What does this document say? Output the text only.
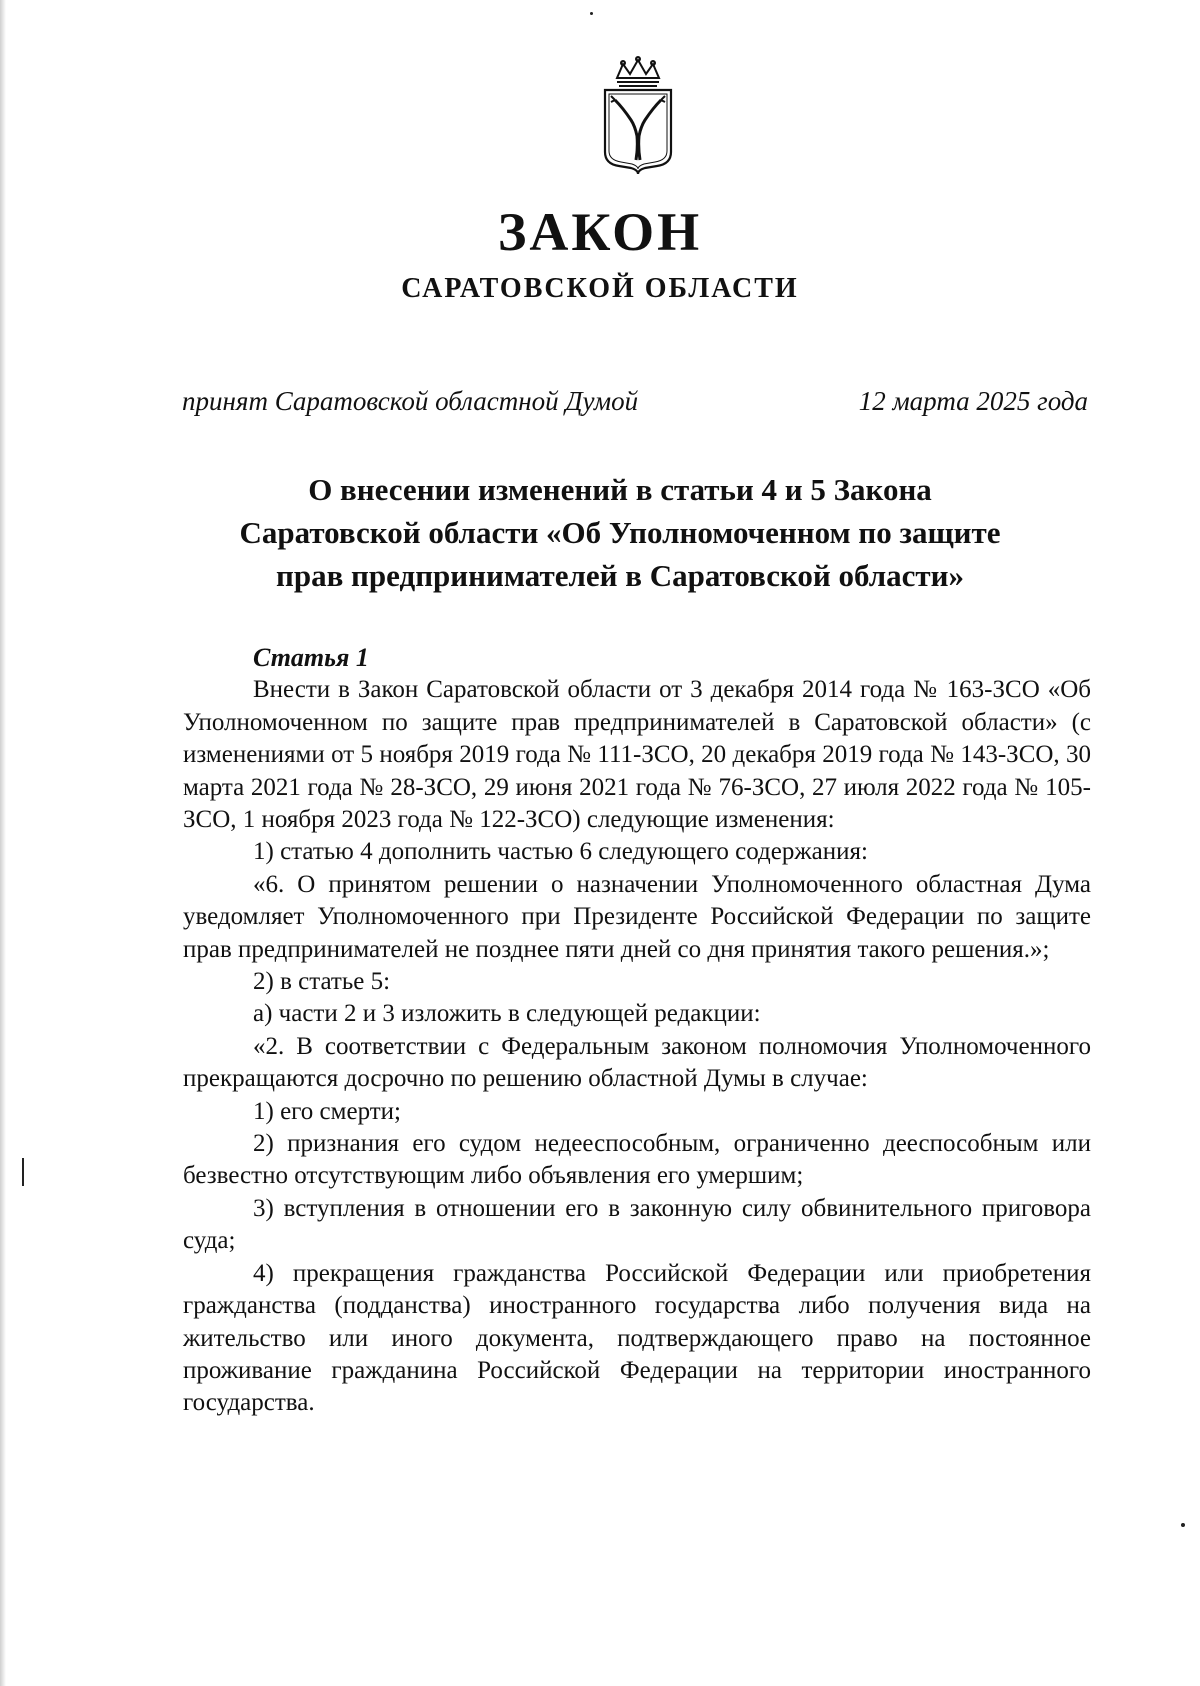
ЗАКОН
САРАТОВСКОЙ ОБЛАСТИ
принят Саратовской областной Думой	12 марта 2025 года
О внесении изменений в статьи 4 и 5 Закона
Саратовской области «Об Уполномоченном по защите
прав предпринимателей в Саратовской области»
Статья 1

Внести в Закон Саратовской области от 3 декабря 2014 года № 163-ЗСО «Об Уполномоченном по защите прав предпринимателей в Саратовской области» (с изменениями от 5 ноября 2019 года № 111-ЗСО, 20 декабря 2019 года № 143-ЗСО, 30 марта 2021 года № 28-ЗСО, 29 июня 2021 года № 76-ЗСО, 27 июля 2022 года № 105-ЗСО, 1 ноября 2023 года № 122-ЗСО) следующие изменения:

1) статью 4 дополнить частью 6 следующего содержания:

«6. О принятом решении о назначении Уполномоченного областная Дума уведомляет Уполномоченного при Президенте Российской Федерации по защите прав предпринимателей не позднее пяти дней со дня принятия такого решения.»;

2) в статье 5:

а) части 2 и 3 изложить в следующей редакции:

«2. В соответствии с Федеральным законом полномочия Уполномоченного прекращаются досрочно по решению областной Думы в случае:

1) его смерти;

2) признания его судом недееспособным, ограниченно дееспособным или безвестно отсутствующим либо объявления его умершим;

3) вступления в отношении его в законную силу обвинительного приговора суда;

4) прекращения гражданства Российской Федерации или приобретения гражданства (подданства) иностранного государства либо получения вида на жительство или иного документа, подтверждающего право на постоянное проживание гражданина Российской Федерации на территории иностранного государства.
